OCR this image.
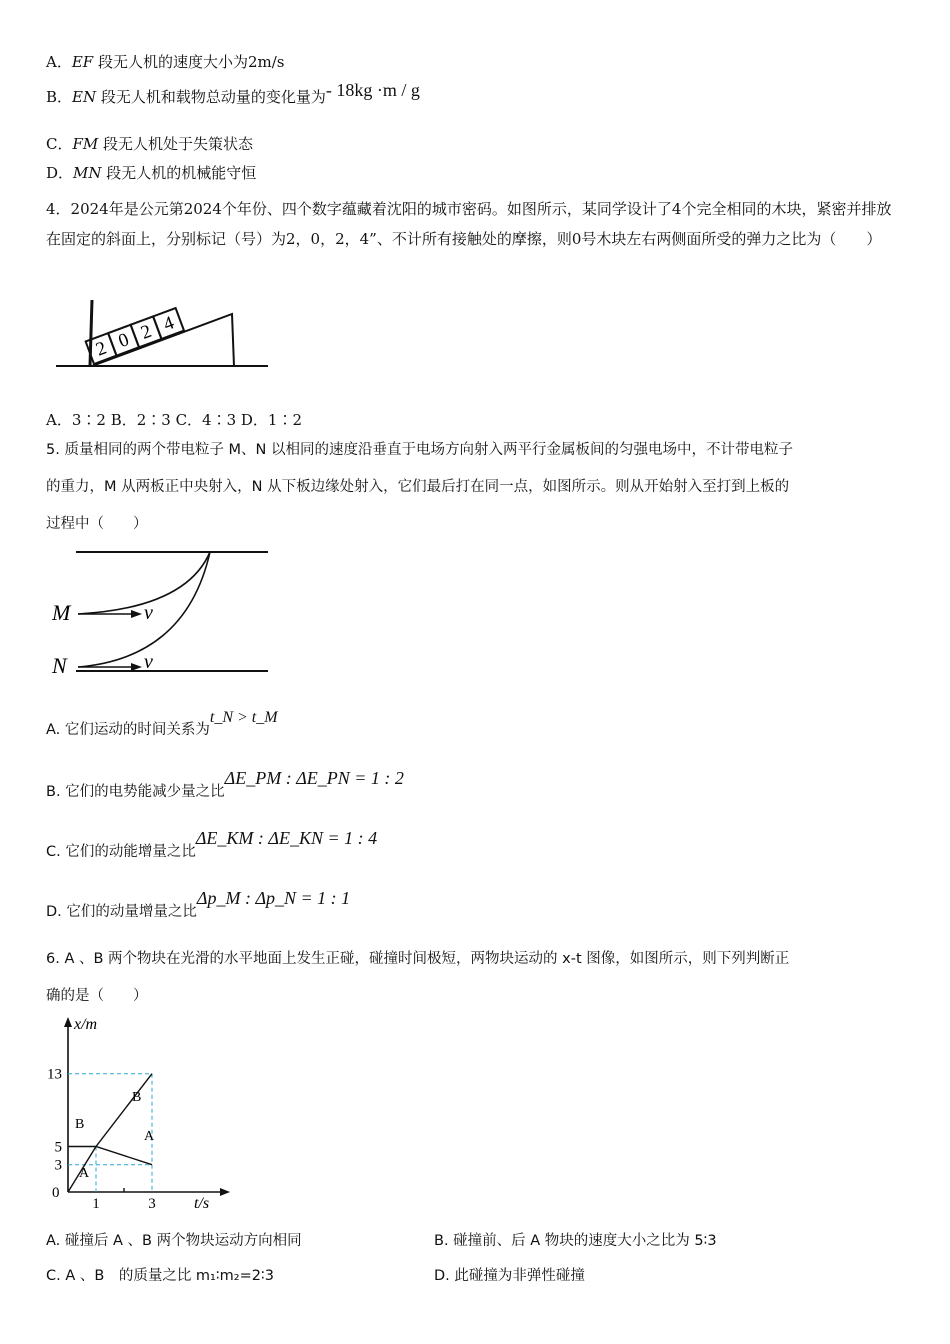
A．EF 段无人机的速度大小为2m/s
B．EN 段无人机和载物总动量的变化量为- 18kg ·m / g
C．FM 段无人机处于失策状态
D．MN 段无人机的机械能守恒
4．2024年是公元第2024个年份、四个数字蕴藏着沈阳的城市密码。如图所示，某同学设计了4个完全相同的木块，紧密并排放在固定的斜面上，分别标记（号）为2，0，2，4”、不计所有接触处的摩擦，则0号木块左右两侧面所受的弹力之比为（　　）
2 0 2 4
A．3∶2 B．2∶3 C．4∶3 D．1∶2
5. 质量相同的两个带电粒子 M、N 以相同的速度沿垂直于电场方向射入两平行金属板间的匀强电场中，不计带电粒子
的重力，M 从两板正中央射入，N 从下板边缘处射入，它们最后打在同一点，如图所示。则从开始射入至打到上板的
过程中（　　）
M
N
v
v
A. 它们运动的时间关系为t_N > t_M
B. 它们的电势能减少量之比ΔE_PM : ΔE_PN = 1 : 2
C. 它们的动能增量之比ΔE_KM : ΔE_KN = 1 : 4
D. 它们的动量增量之比Δp_M : Δp_N = 1 : 1
6. A 、B 两个物块在光滑的水平地面上发生正碰，碰撞时间极短，两物块运动的 x-t 图像，如图所示，则下列判断正
确的是（　　）
x/m
t/s
0
1	3
3
5
13
A
B
B
A
A. 碰撞后 A 、B 两个物块运动方向相同	B. 碰撞前、后 A 物块的速度大小之比为 5∶3
C. A 、B　的质量之比 m₁∶m₂=2∶3	D. 此碰撞为非弹性碰撞
